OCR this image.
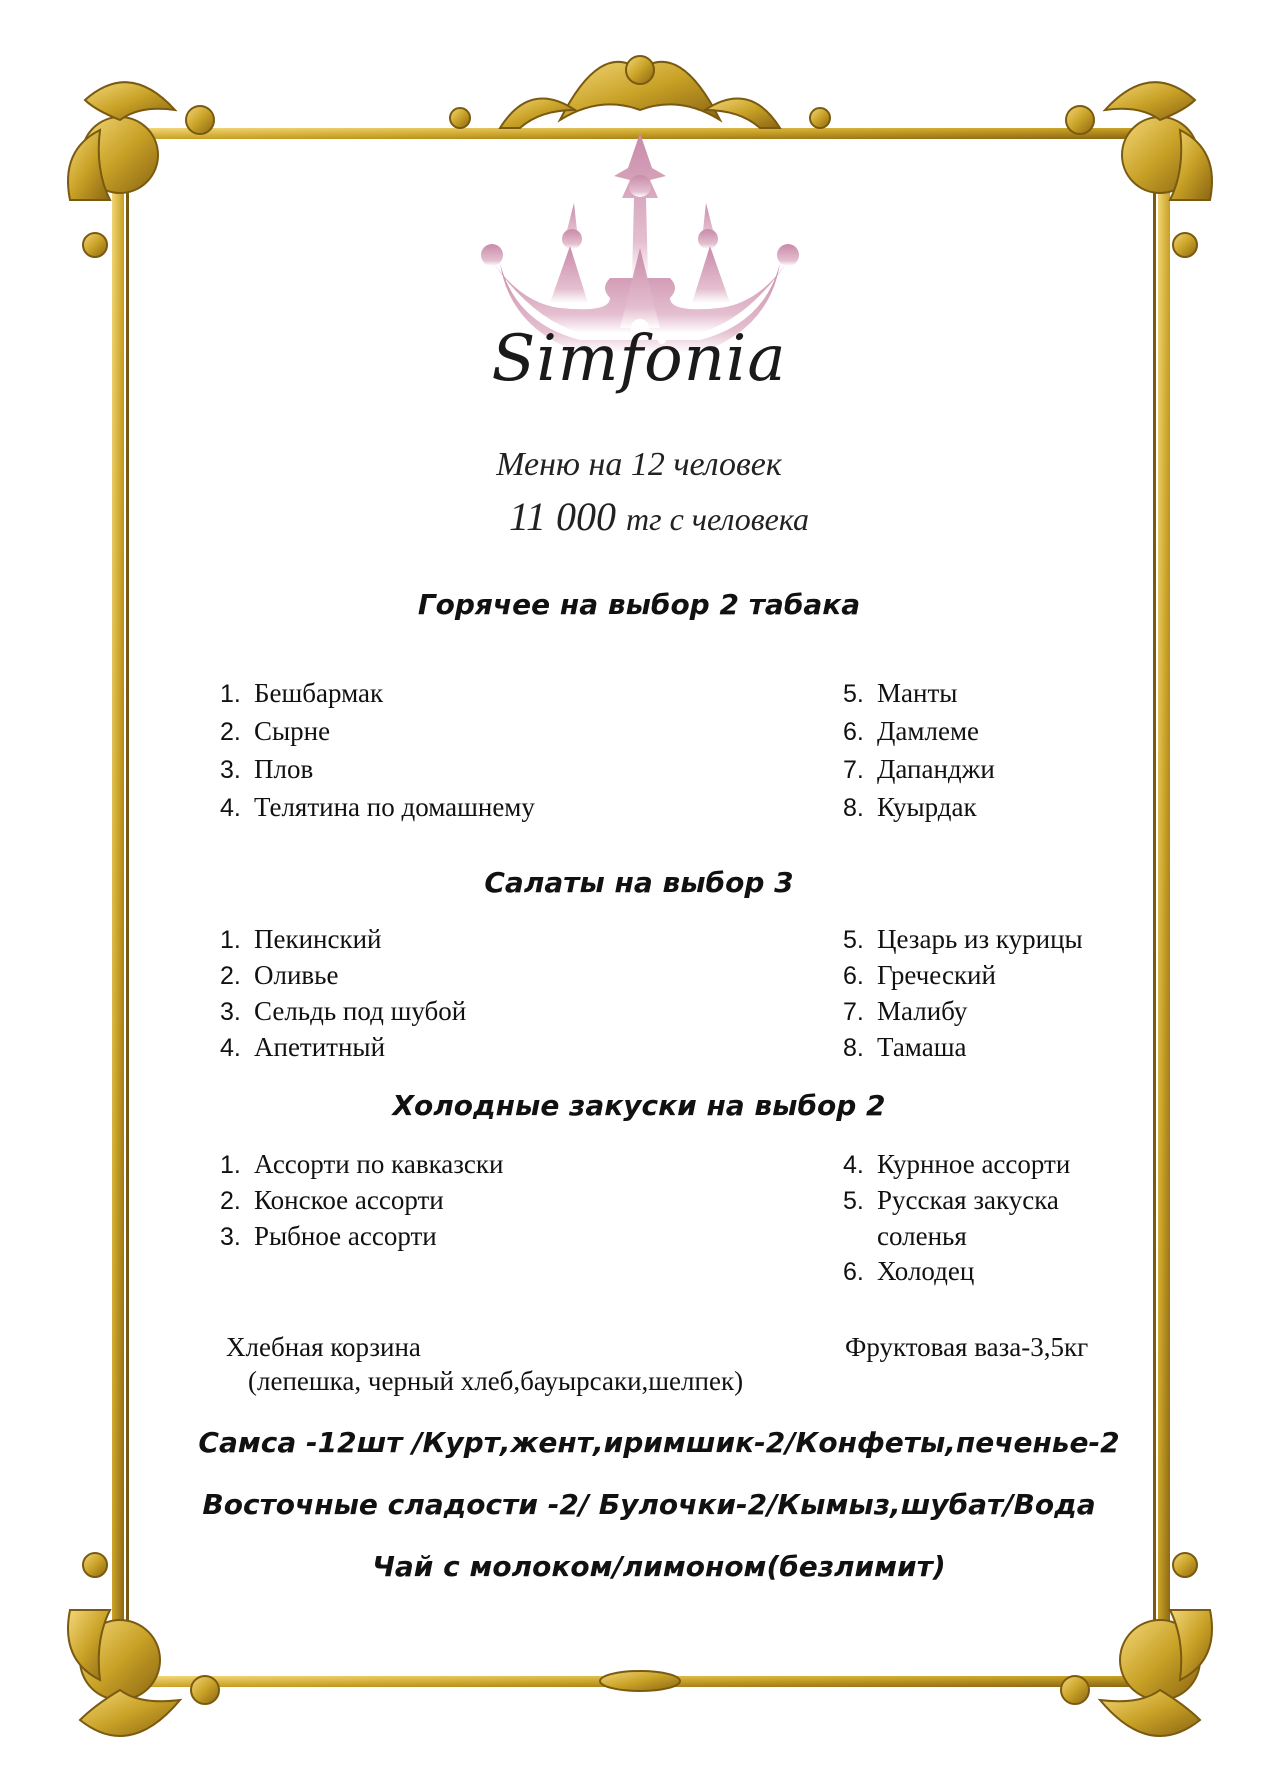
Simfonia
Меню на 12 человек
11 000 тг с человека
Горячее на выбор 2 табака
1. Бешбармак
2. Сырне
3. Плов
4. Телятина по домашнему
5. Манты
6. Дамлеме
7. Дапанджи
8. Куырдак
Салаты на выбор 3
1. Пекинский
2. Оливье
3. Сельдь под шубой
4. Апетитный
5. Цезарь из курицы
6. Греческий
7. Малибу
8. Тамаша
Холодные закуски на выбор 2
1. Ассорти по кавказски
2. Конское ассорти
3. Рыбное ассорти
4. Курнное ассорти
5. Русская закуска
соленья
6. Холодец
Хлебная корзина
(лепешка, черный хлеб,бауырсаки,шелпек)
Фруктовая ваза-3,5кг
Самса -12шт /Курт,жент,иримшик-2/Конфеты,печенье-2
Восточные сладости -2/ Булочки-2/Кымыз,шубат/Вода
Чай с молоком/лимоном(безлимит)
